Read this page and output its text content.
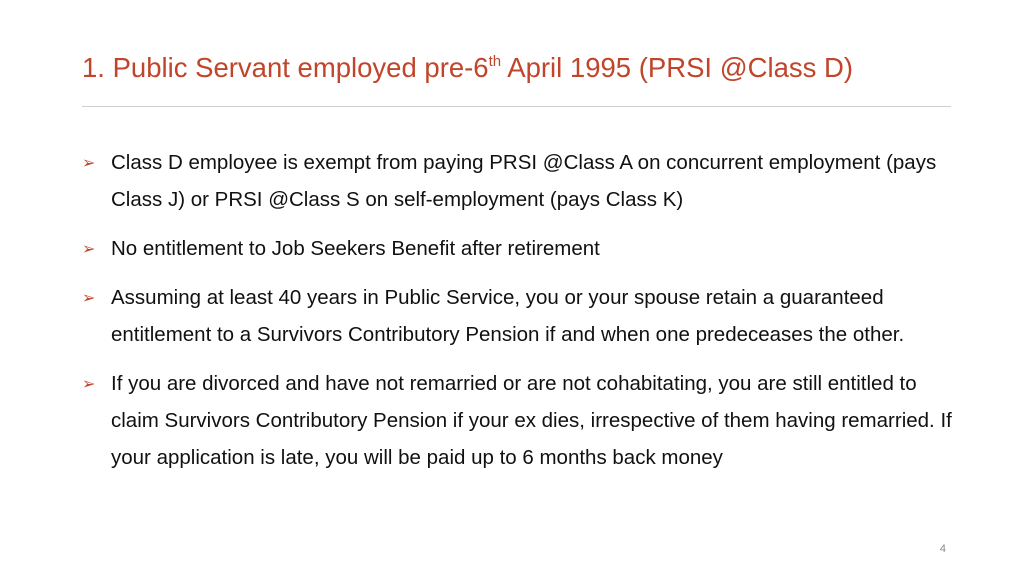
1. Public Servant employed pre-6th April 1995 (PRSI @Class D)
➢ Class D employee is exempt from paying PRSI @Class A on concurrent employment (pays Class J) or PRSI @Class S on self-employment (pays Class K)
➢ No entitlement to Job Seekers Benefit after retirement
➢ Assuming at least 40 years in Public Service, you or your spouse retain a guaranteed entitlement to a Survivors Contributory Pension if and when one predeceases the other.
➢ If you are divorced and have not remarried or are not cohabitating, you are still entitled to claim Survivors Contributory Pension if your ex dies, irrespective of them having remarried. If your application is late, you will be paid up to 6 months back money
4
